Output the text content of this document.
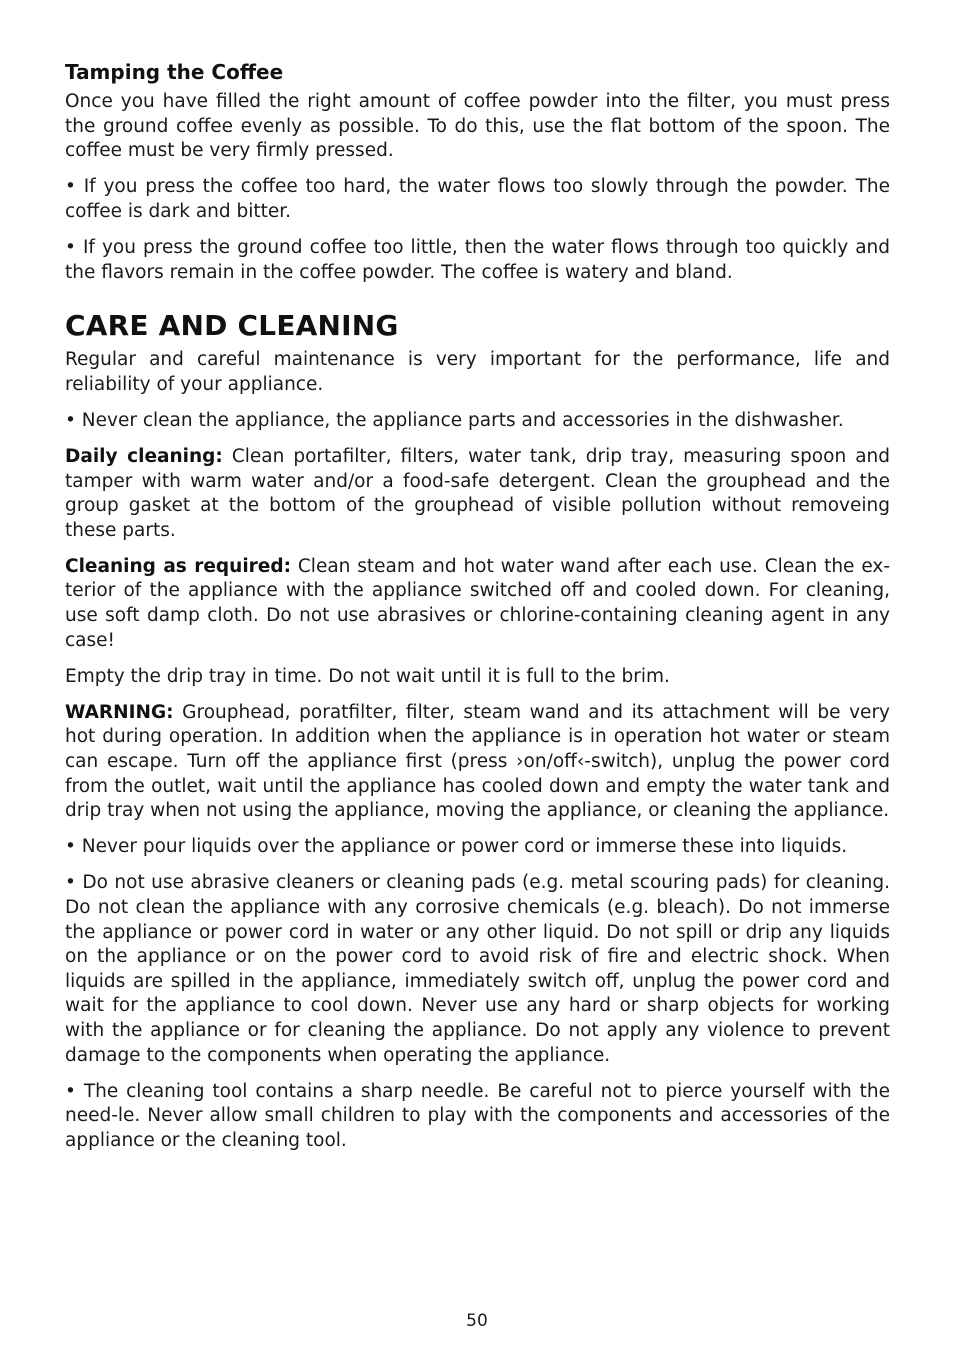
Tamping the Coffee

Once you have filled the right amount of coffee powder into the filter, you must press the ground coffee evenly as possible. To do this, use the flat bottom of the spoon. The coffee must be very firmly pressed.

• If you press the coffee too hard, the water flows too slowly through the powder. The coffee is dark and bitter.

• If you press the ground coffee too little, then the water flows through too quickly and the flavors remain in the coffee powder. The coffee is watery and bland.

CARE AND CLEANING

Regular and careful maintenance is very important for the performance, life and reliability of your appliance.

• Never clean the appliance, the appliance parts and accessories in the dishwasher.

Daily cleaning: Clean portafilter, filters, water tank, drip tray, measuring spoon and tamper with warm water and/or a food-safe detergent. Clean the grouphead and the group gasket at the bottom of the grouphead of visible pollution without removeing these parts.

Cleaning as required: Clean steam and hot water wand after each use. Clean the ex-terior of the appliance with the appliance switched off and cooled down. For cleaning, use soft damp cloth. Do not use abrasives or chlorine-containing cleaning agent in any case!

Empty the drip tray in time. Do not wait until it is full to the brim.

WARNING: Grouphead, poratfilter, filter, steam wand and its attachment will be very hot during operation. In addition when the appliance is in operation hot water or steam can escape. Turn off the appliance first (press ›on/off‹-switch), unplug the power cord from the outlet, wait until the appliance has cooled down and empty the water tank and drip tray when not using the appliance, moving the appliance, or cleaning the appliance.

• Never pour liquids over the appliance or power cord or immerse these into liquids.

• Do not use abrasive cleaners or cleaning pads (e.g. metal scouring pads) for cleaning. Do not clean the appliance with any corrosive chemicals (e.g. bleach). Do not immerse the appliance or power cord in water or any other liquid. Do not spill or drip any liquids on the appliance or on the power cord to avoid risk of fire and electric shock. When liquids are spilled in the appliance, immediately switch off, unplug the power cord and wait for the appliance to cool down. Never use any hard or sharp objects for working with the appliance or for cleaning the appliance. Do not apply any violence to prevent damage to the components when operating the appliance.

• The cleaning tool contains a sharp needle. Be careful not to pierce yourself with the need-le. Never allow small children to play with the components and accessories of the appliance or the cleaning tool.

50
